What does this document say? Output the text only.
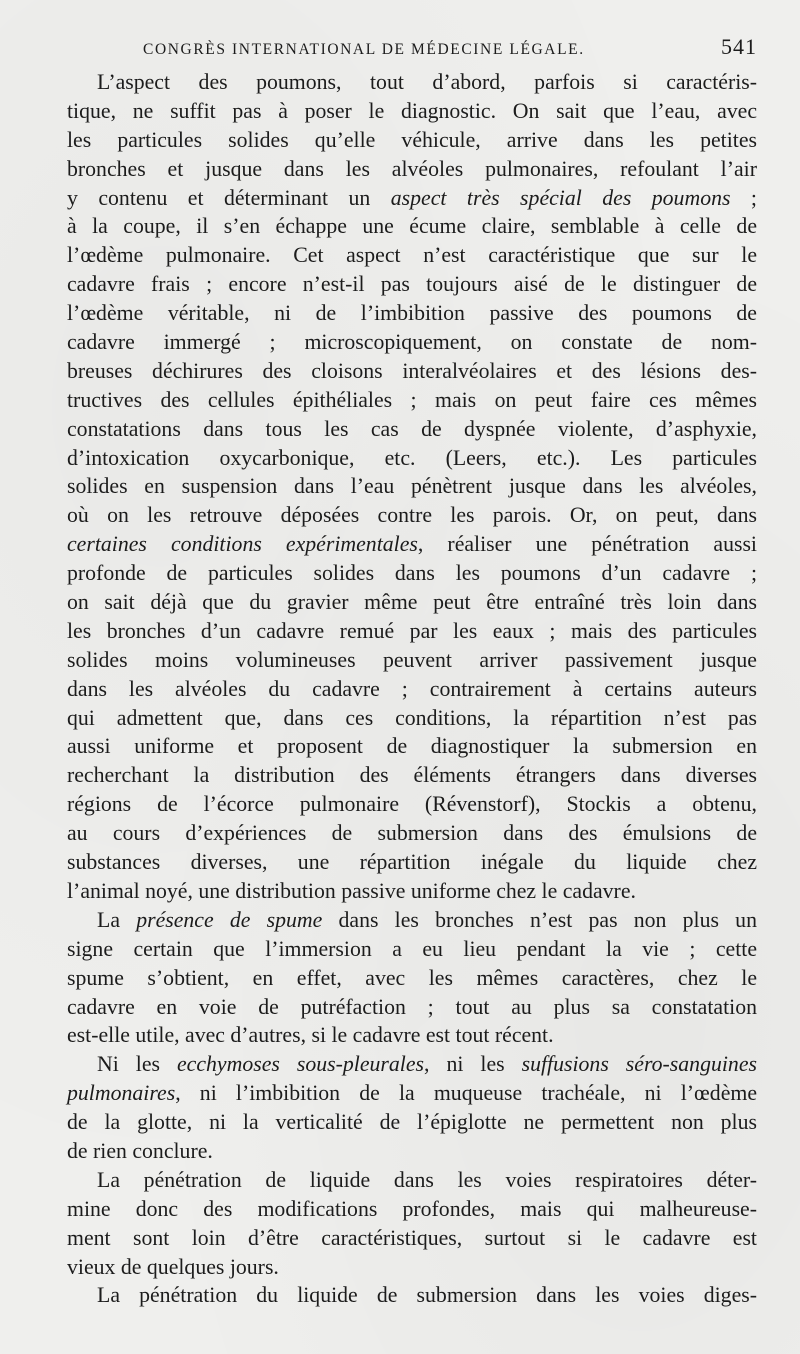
CONGRÈS INTERNATIONAL DE MÉDECINE LÉGALE.	541
L’aspect des poumons, tout d’abord, parfois si caractéris-
tique, ne suffit pas à poser le diagnostic. On sait que l’eau, avec
les particules solides qu’elle véhicule, arrive dans les petites
bronches et jusque dans les alvéoles pulmonaires, refoulant l’air
y contenu et déterminant un aspect très spécial des poumons ;
à la coupe, il s’en échappe une écume claire, semblable à celle de
l’œdème pulmonaire. Cet aspect n’est caractéristique que sur le
cadavre frais ; encore n’est-il pas toujours aisé de le distinguer de
l’œdème véritable, ni de l’imbibition passive des poumons de
cadavre immergé ; microscopiquement, on constate de nom-
breuses déchirures des cloisons interalvéolaires et des lésions des-
tructives des cellules épithéliales ; mais on peut faire ces mêmes
constatations dans tous les cas de dyspnée violente, d’asphyxie,
d’intoxication oxycarbonique, etc. (Leers, etc.). Les particules
solides en suspension dans l’eau pénètrent jusque dans les alvéoles,
où on les retrouve déposées contre les parois. Or, on peut, dans
certaines conditions expérimentales, réaliser une pénétration aussi
profonde de particules solides dans les poumons d’un cadavre ;
on sait déjà que du gravier même peut être entraîné très loin dans
les bronches d’un cadavre remué par les eaux ; mais des particules
solides moins volumineuses peuvent arriver passivement jusque
dans les alvéoles du cadavre ; contrairement à certains auteurs
qui admettent que, dans ces conditions, la répartition n’est pas
aussi uniforme et proposent de diagnostiquer la submersion en
recherchant la distribution des éléments étrangers dans diverses
régions de l’écorce pulmonaire (Révenstorf), Stockis a obtenu,
au cours d’expériences de submersion dans des émulsions de
substances diverses, une répartition inégale du liquide chez
l’animal noyé, une distribution passive uniforme chez le cadavre.
La présence de spume dans les bronches n’est pas non plus un
signe certain que l’immersion a eu lieu pendant la vie ; cette
spume s’obtient, en effet, avec les mêmes caractères, chez le
cadavre en voie de putréfaction ; tout au plus sa constatation
est-elle utile, avec d’autres, si le cadavre est tout récent.
Ni les ecchymoses sous-pleurales, ni les suffusions séro-sanguines
pulmonaires, ni l’imbibition de la muqueuse trachéale, ni l’œdème
de la glotte, ni la verticalité de l’épiglotte ne permettent non plus
de rien conclure.
La pénétration de liquide dans les voies respiratoires déter-
mine donc des modifications profondes, mais qui malheureuse-
ment sont loin d’être caractéristiques, surtout si le cadavre est
vieux de quelques jours.
La pénétration du liquide de submersion dans les voies diges-
